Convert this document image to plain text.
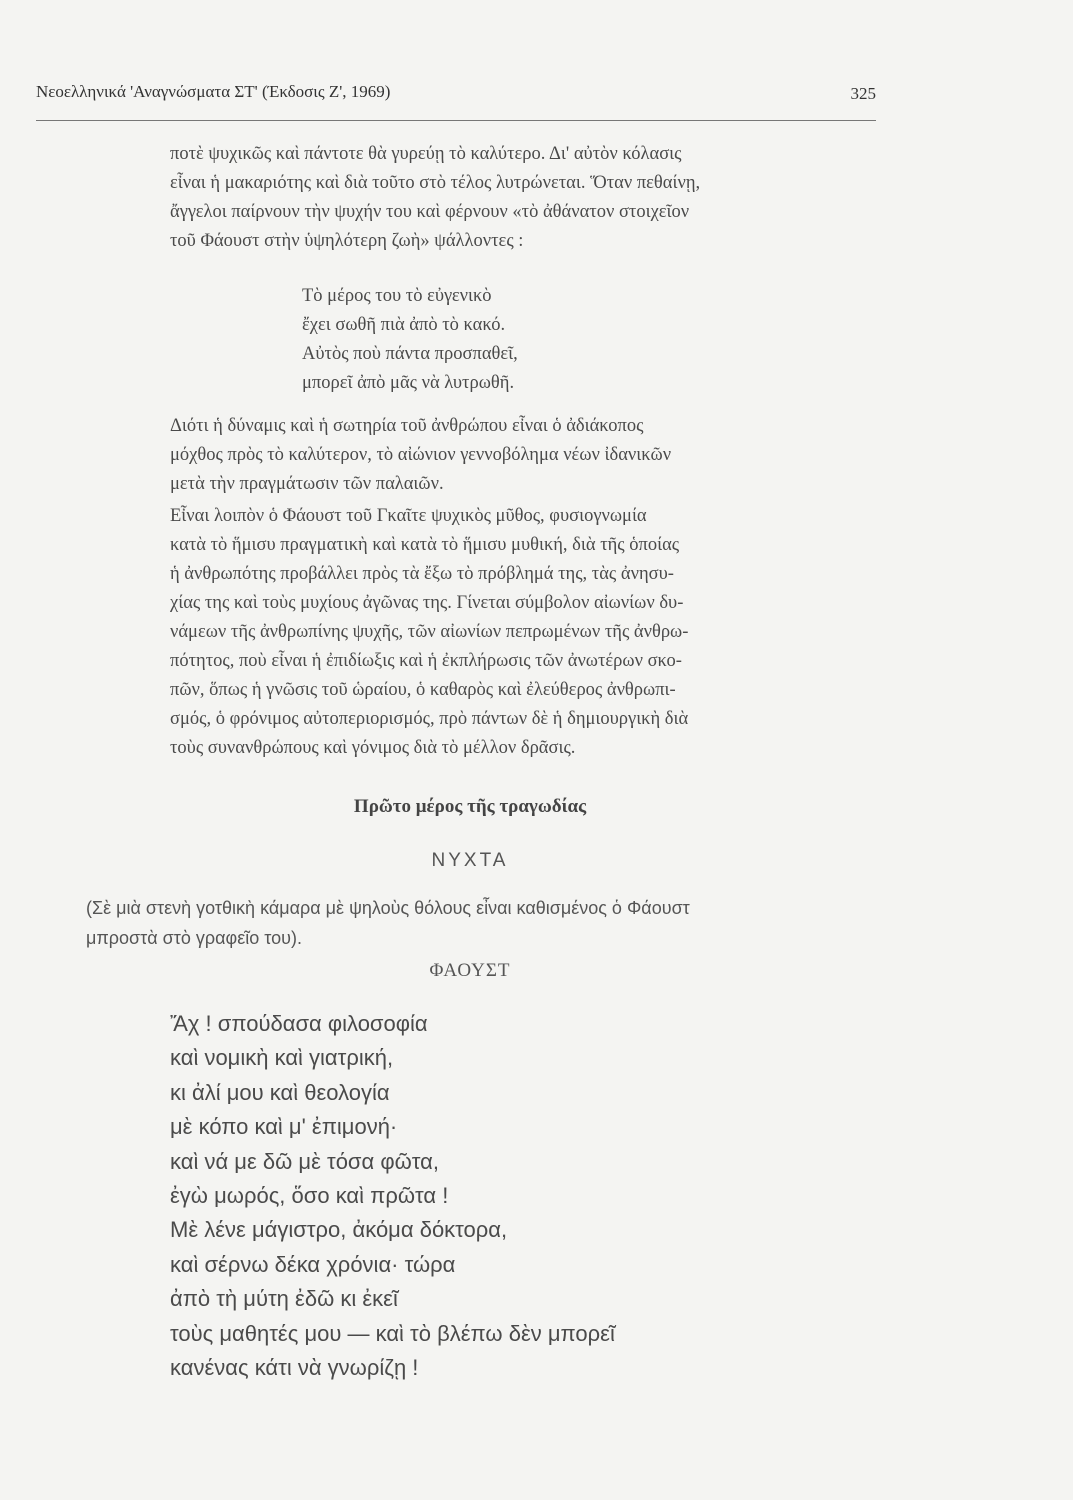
Νεοελληνικά 'Αναγνώσματα ΣΤ' (Έκδοσις Ζ', 1969)	325
ποτὲ ψυχικῶς καὶ πάντοτε θὰ γυρεύῃ τὸ καλύτερο. Δι' αὐτὸν κόλασις
εἶναι ἡ μακαριότης καὶ διὰ τοῦτο στὸ τέλος λυτρώνεται. Ὅταν πεθαίνῃ,
ἄγγελοι παίρνουν τὴν ψυχήν του καὶ φέρνουν «τὸ ἀθάνατον στοιχεῖον
τοῦ Φάουστ στὴν ὑψηλότερη ζωὴ» ψάλλοντες :
Τὸ μέρος του τὸ εὐγενικὸ
ἔχει σωθῆ πιὰ ἀπὸ τὸ κακό.
Αὐτὸς ποὺ πάντα προσπαθεῖ,
μπορεῖ ἀπὸ μᾶς νὰ λυτρωθῆ.
Διότι ἡ δύναμις καὶ ἡ σωτηρία τοῦ ἀνθρώπου εἶναι ὁ ἀδιάκοπος
μόχθος πρὸς τὸ καλύτερον, τὸ αἰώνιον γεννοβόλημα νέων ἰδανικῶν
μετὰ τὴν πραγμάτωσιν τῶν παλαιῶν.
Εἶναι λοιπὸν ὁ Φάουστ τοῦ Γκαῖτε ψυχικὸς μῦθος, φυσιογνωμία
κατὰ τὸ ἥμισυ πραγματικὴ καὶ κατὰ τὸ ἥμισυ μυθική, διὰ τῆς ὁποίας
ἡ ἀνθρωπότης προβάλλει πρὸς τὰ ἔξω τὸ πρόβλημά της, τὰς ἀνησυ-
χίας της καὶ τοὺς μυχίους ἀγῶνας της. Γίνεται σύμβολον αἰωνίων δυ-
νάμεων τῆς ἀνθρωπίνης ψυχῆς, τῶν αἰωνίων πεπρωμένων τῆς ἀνθρω-
πότητος, ποὺ εἶναι ἡ ἐπιδίωξις καὶ ἡ ἐκπλήρωσις τῶν ἀνωτέρων σκο-
πῶν, ὅπως ἡ γνῶσις τοῦ ὡραίου, ὁ καθαρὸς καὶ ἐλεύθερος ἀνθρωπι-
σμός, ὁ φρόνιμος αὐτοπεριορισμός, πρὸ πάντων δὲ ἡ δημιουργικὴ διὰ
τοὺς συνανθρώπους καὶ γόνιμος διὰ τὸ μέλλον δρᾶσις.
Πρῶτο μέρος τῆς τραγωδίας
ΝΥΧΤΑ
(Σὲ μιὰ στενὴ γοτθικὴ κάμαρα μὲ ψηλοὺς θόλους εἶναι καθισμένος ὁ Φάουστ
μπροστὰ στὸ γραφεῖο του).
ΦΑΟΥΣΤ
Ἄχ ! σπούδασα φιλοσοφία
καὶ νομικὴ καὶ γιατρική,
κι ἀλί μου καὶ θεολογία
μὲ κόπο καὶ μ' ἐπιμονή·
καὶ νά με δῶ μὲ τόσα φῶτα,
ἐγὼ μωρός, ὅσο καὶ πρῶτα !
Μὲ λένε μάγιστρο, ἀκόμα δόκτορα,
καὶ σέρνω δέκα χρόνια· τώρα
ἀπὸ τὴ μύτη ἐδῶ κι ἐκεῖ
τοὺς μαθητές μου — καὶ τὸ βλέπω δὲν μπορεῖ
κανένας κάτι νὰ γνωρίζῃ !
